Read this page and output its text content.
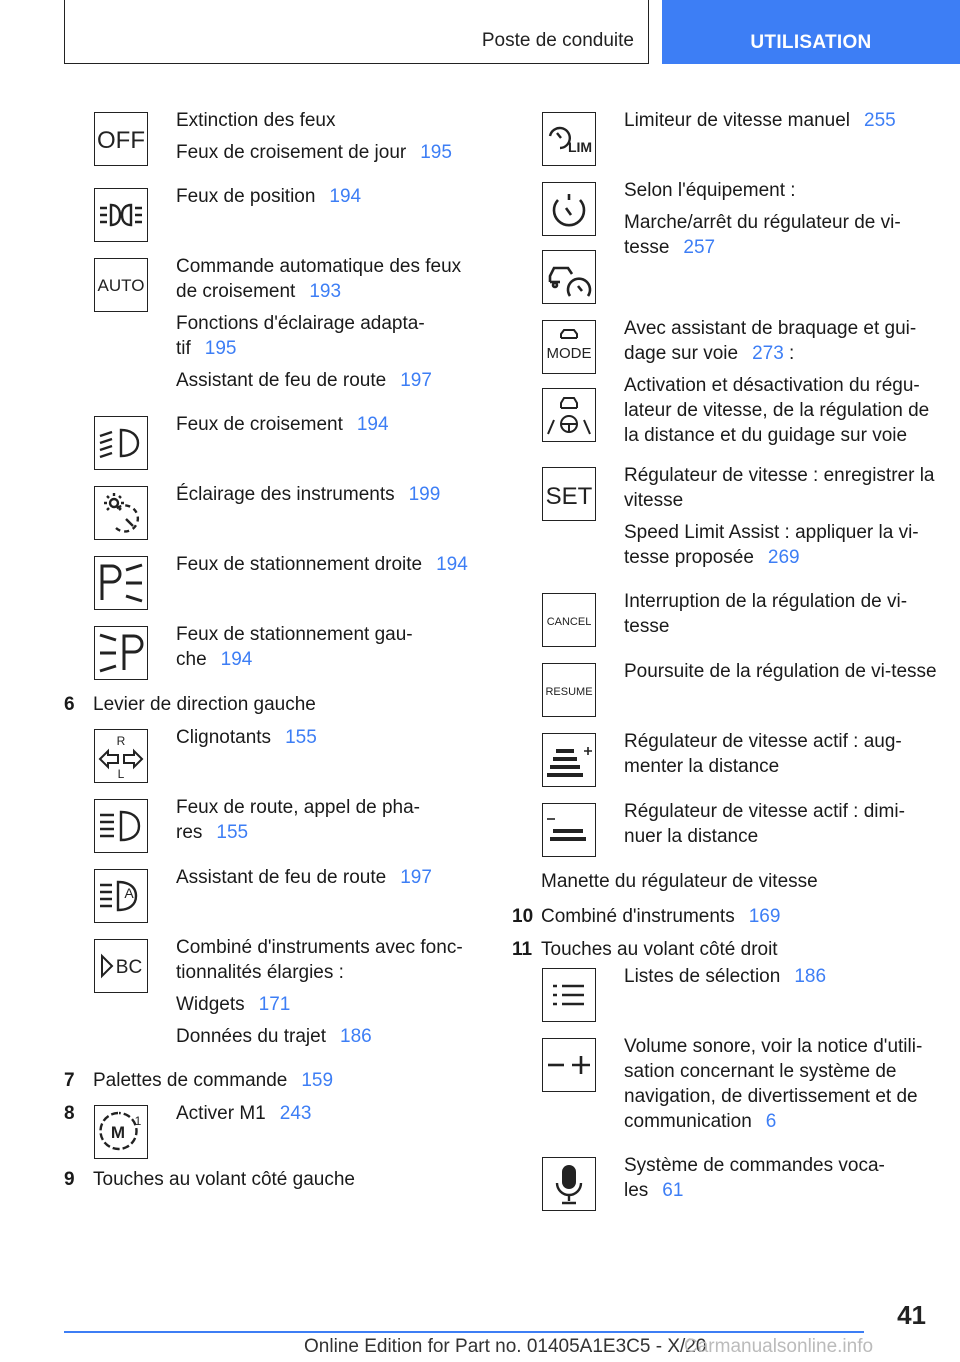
Poste de conduite	UTILISATION
OFF

Extinction des feux

Feux de croisement de jour 195

Feux de position 194

AUTO

Commande automatique des feux de croisement 193

Fonctions d'éclairage adapta-tif 195

Assistant de feu de route 197

Feux de croisement 194

Éclairage des instruments 199

Feux de stationnement droite 194

Feux de stationnement gau-che 194

6 Levier de direction gauche
R
L

Clignotants 155

Feux de route, appel de pha-res 155

A

Assistant de feu de route 197

BC

Combiné d'instruments avec fonc-tionnalités élargies :

Widgets 171

Données du trajet 186

7 Palettes de commande 159
8
M
1 Activer M1 243

9 Touches au volant côté gauche
LIM

Limiteur de vitesse manuel 255

Selon l'équipement :

Marche/arrêt du régulateur de vi-tesse 257

MODE

Avec assistant de braquage et gui-dage sur voie 273 :

Activation et désactivation du régu-lateur de vitesse, de la régulation de la distance et du guidage sur voie

SET

Régulateur de vitesse : enregistrer la vitesse

Speed Limit Assist : appliquer la vi-tesse proposée 269

CANCEL

Interruption de la régulation de vi-tesse

RESUME

Poursuite de la régulation de vi-tesse

Régulateur de vitesse actif : aug-menter la distance

Régulateur de vitesse actif : dimi-nuer la distance

Manette du régulateur de vitesse
10 Combiné d'instruments 169
11 Touches au volant côté droit

Listes de sélection 186

Volume sonore, voir la notice d'utili-sation concernant le système de navigation, de divertissement et de communication 6

Système de commandes voca-les 61

41
Online Edition for Part no. 01405A1E3C5 - X/20
Carmanualsonline.info
